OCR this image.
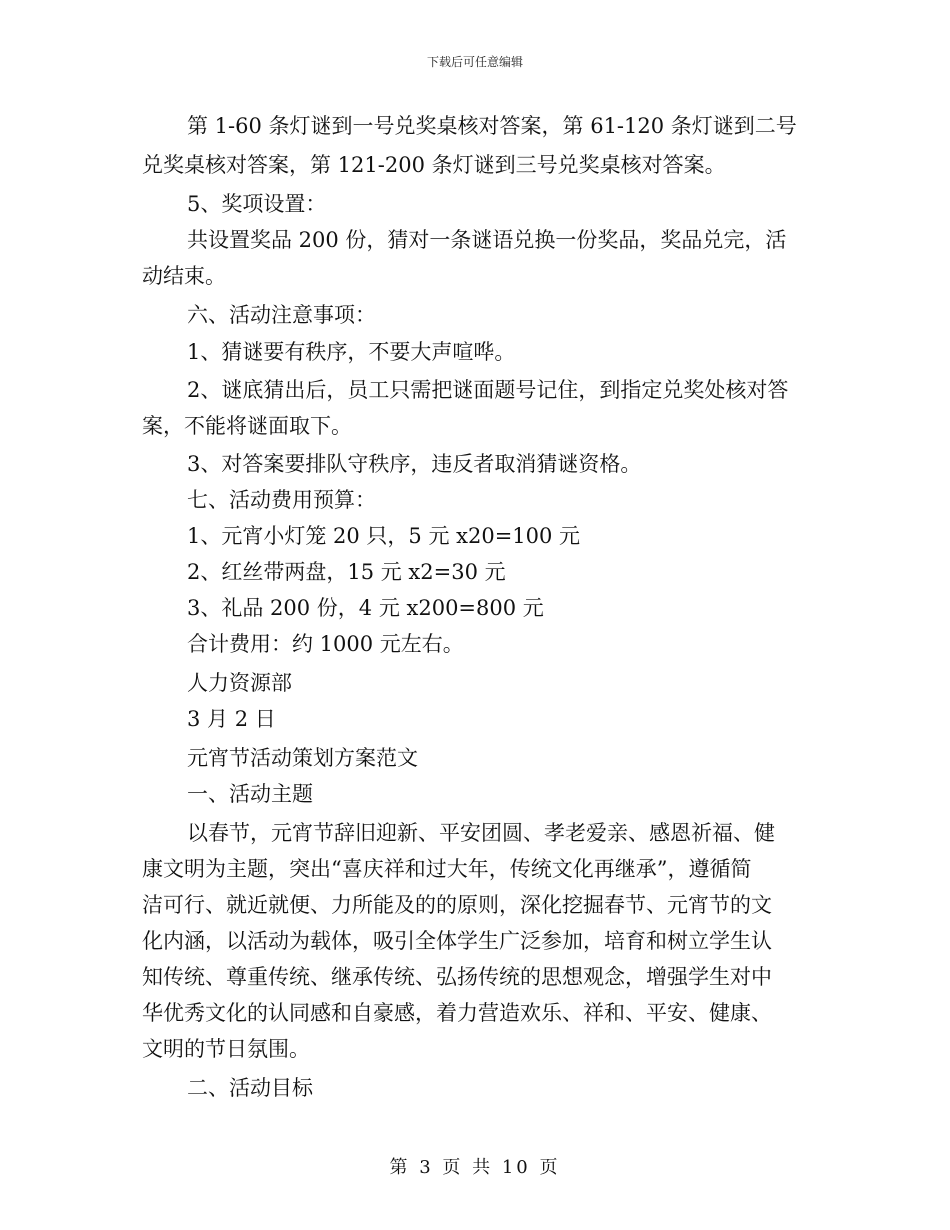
下载后可任意编辑
第 1-60 条灯谜到一号兑奖桌核对答案，第 61-120 条灯谜到二号
兑奖桌核对答案，第 121-200 条灯谜到三号兑奖桌核对答案。
5、奖项设置：
共设置奖品 200 份，猜对一条谜语兑换一份奖品，奖品兑完，活
动结束。
六、活动注意事项：
1、猜谜要有秩序，不要大声喧哗。
2、谜底猜出后，员工只需把谜面题号记住，到指定兑奖处核对答
案，不能将谜面取下。
3、对答案要排队守秩序，违反者取消猜谜资格。
七、活动费用预算：
1、元宵小灯笼 20 只，5 元 x20=100 元
2、红丝带两盘，15 元 x2=30 元
3、礼品 200 份，4 元 x200=800 元
合计费用：约 1000 元左右。
人力资源部
3 月 2 日
元宵节活动策划方案范文
一、活动主题
以春节，元宵节辞旧迎新、平安团圆、孝老爱亲、感恩祈福、健
康文明为主题，突出“喜庆祥和过大年，传统文化再继承”，遵循简
洁可行、就近就便、力所能及的的原则，深化挖掘春节、元宵节的文
化内涵，以活动为载体，吸引全体学生广泛参加，培育和树立学生认
知传统、尊重传统、继承传统、弘扬传统的思想观念，增强学生对中
华优秀文化的认同感和自豪感，着力营造欢乐、祥和、平安、健康、
文明的节日氛围。
二、活动目标
第 3 页 共 10 页
